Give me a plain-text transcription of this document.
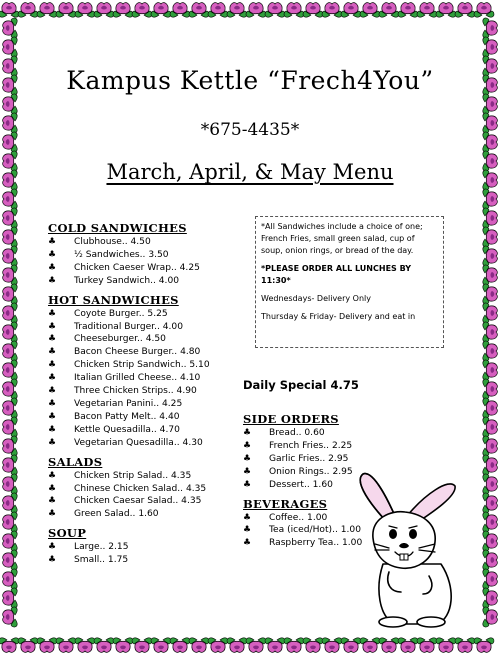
Kampus Kettle “Frech4You”
*675-4435*
March, April, & May Menu
COLD SANDWICHES
♣ Clubhouse.. 4.50
♣ ½ Sandwiches.. 3.50
♣ Chicken Caeser Wrap.. 4.25
♣ Turkey Sandwich.. 4.00
HOT SANDWICHES
♣ Coyote Burger.. 5.25
♣ Traditional Burger.. 4.00
♣ Cheeseburger.. 4.50
♣ Bacon Cheese Burger.. 4.80
♣ Chicken Strip Sandwich.. 5.10
♣ Italian Grilled Cheese.. 4.10
♣ Three Chicken Strips.. 4.90
♣ Vegetarian Panini.. 4.25
♣ Bacon Patty Melt.. 4.40
♣ Kettle Quesadilla.. 4.70
♣ Vegetarian Quesadilla.. 4.30
SALADS
♣ Chicken Strip Salad.. 4.35
♣ Chinese Chicken Salad.. 4.35
♣ Chicken Caesar Salad.. 4.35
♣ Green Salad.. 1.60
SOUP
♣ Large.. 2.15
♣ Small.. 1.75

*All Sandwiches include a choice of one; French Fries, small green salad, cup of soup, onion rings, or bread of the day.

*PLEASE ORDER ALL LUNCHES BY 11:30*

Wednesdays- Delivery Only

Thursday & Friday- Delivery and eat in

Daily Special 4.75
SIDE ORDERS
♣ Bread.. 0.60
♣ French Fries.. 2.25
♣ Garlic Fries.. 2.95
♣ Onion Rings.. 2.95
♣ Dessert.. 1.60
BEVERAGES
♣ Coffee.. 1.00
♣ Tea (iced/Hot).. 1.00
♣ Raspberry Tea.. 1.00
